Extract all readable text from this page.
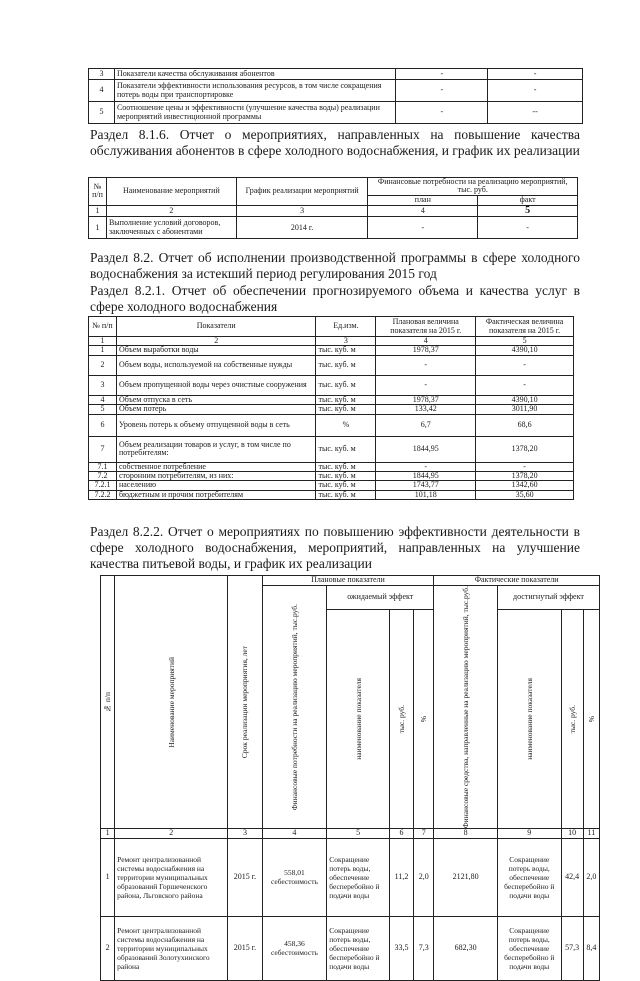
3	Показатели качества обслуживания абонентов	-	-
4	Показатели эффективности использования ресурсов, в том числе сокращения потерь воды при транспортировке	-	-
5	Соотношение цены и эффективности (улучшение качества воды) реализации мероприятий инвестиционной программы	-	--

Раздел 8.1.6. Отчет о мероприятиях, направленных на повышение качества обслуживания абонентов в сфере холодного водоснабжения, и график их реализации

№ п/п	Наименование мероприятий	График реализации мероприятий	Финансовые потребности на реализацию мероприятий, тыс. руб.	
			план	факт
1	2	3	4	5
1	Выполнение условий договоров, заключенных с абонентами	2014 г.	-	-

Раздел 8.2. Отчет об исполнении производственной программы в сфере холодного водоснабжения за истекший период регулирования 2015 год

Раздел 8.2.1. Отчет об обеспечении прогнозируемого объема и качества услуг в сфере холодного водоснабжения

№ п/п	Показатели	Ед.изм.	Плановая величина показателя на 2015 г.	Фактическая величина показателя на 2015 г.
1	2	3	4	5
1	Объем выработки воды	тыс. куб. м	1978,37	4390,10
2	Объем воды, используемой на собственные нужды	тыс. куб. м	-	-
3	Объем пропущенной воды через очистные сооружения	тыс. куб. м	-	-
4	Объем отпуска в сеть	тыс. куб. м	1978,37	4390,10
5	Объем потерь	тыс. куб. м	133,42	3011,90
6	Уровень потерь к объему отпущенной воды в сеть	%	6,7	68,6
7	Объем реализации товаров и услуг, в том числе по потребителям:	тыс. куб. м	1844,95	1378,20
7.1	собственное потребление	тыс. куб. м	-	-
7.2	сторонним потребителям, из них:	тыс. куб. м	1844,95	1378,20
7.2.1	населению	тыс. куб. м	1743,77	1342,60
7.2.2	бюджетным и прочим потребителям	тыс. куб. м	101,18	35,60

Раздел 8.2.2. Отчет о мероприятиях по повышению эффективности деятельности в сфере холодного водоснабжения, мероприятий, направленных на улучшение качества питьевой воды, и график их реализации

№ п/п	Наименование мероприятий	Срок реализации мероприятия, лет	Плановые показатели				Фактические показатели			

			Финансовые потребности на реализацию мероприятий, тыс.руб.	ожидаемый эффект			Финансовые средства, направленные на реализацию мероприятий, тыс.руб.	достигнутый эффект		

				наименование показателя	тыс. руб.	%		наименование показателя	тыс. руб.	%

1	2	3	4	5	6	7	8	9	10	11
1	Ремонт централизованной системы водоснабжения на территории муниципальных образований Горшеченского района, Льговского района	2015 г.	558,01 себестоимость	Сокращение потерь воды, обеспечение бесперебойно й подачи воды	11,2	2,0	2121,80	Сокращение потерь воды, обеспечение бесперебойно й подачи воды	42,4	2,0
2	Ремонт централизованной системы водоснабжения на территории муниципальных образований Золотухинского района	2015 г.	458,36 себестоимость	Сокращение потерь воды, обеспечение бесперебойно й подачи воды	33,5	7,3	682,30	Сокращение потерь воды, обеспечение бесперебойно й подачи воды	57,3	8,4
